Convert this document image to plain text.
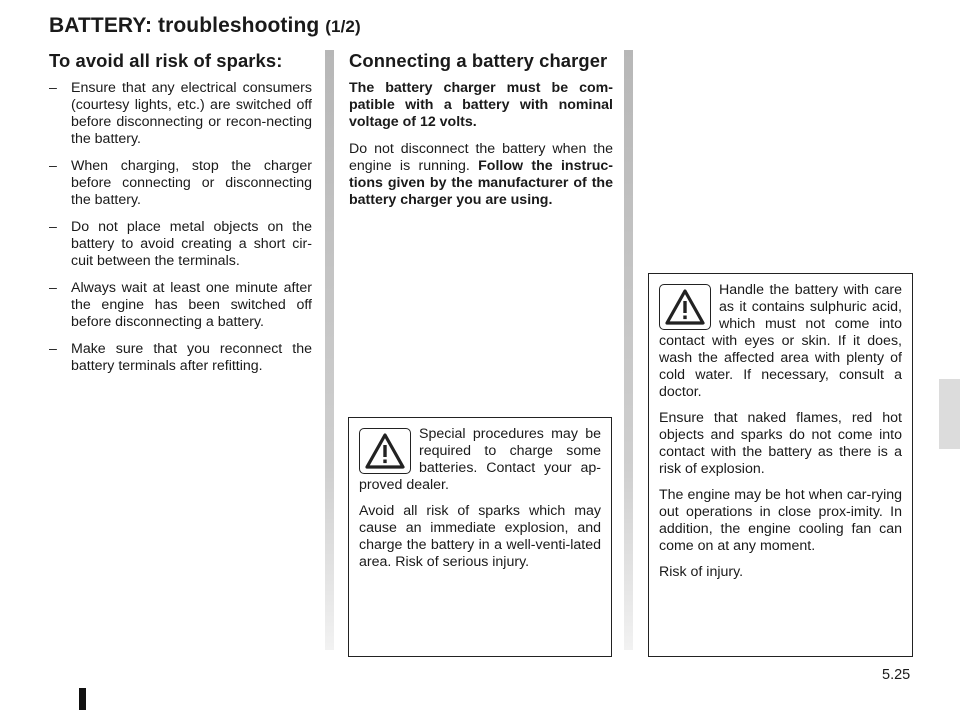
BATTERY: troubleshooting (1/2)
To avoid all risk of sparks:
– Ensure that any electrical consumers (courtesy lights, etc.) are switched off before disconnecting or recon-necting the battery.
– When charging, stop the charger before connecting or disconnecting the battery.
– Do not place metal objects on the battery to avoid creating a short cir-cuit between the terminals.
– Always wait at least one minute after the engine has been switched off before disconnecting a battery.
– Make sure that you reconnect the battery terminals after refitting.
Connecting a battery charger

The battery charger must be com-patible with a battery with nominal voltage of 12 volts.

Do not disconnect the battery when the engine is running. Follow the instruc-tions given by the manufacturer of the battery charger you are using.

Special procedures may be required to charge some batteries. Contact your ap-proved dealer.

Avoid all risk of sparks which may cause an immediate explosion, and charge the battery in a well-venti-lated area. Risk of serious injury.

Handle the battery with care as it contains sulphuric acid, which must not come into contact with eyes or skin. If it does, wash the affected area with plenty of cold water. If necessary, consult a doctor.

Ensure that naked flames, red hot objects and sparks do not come into contact with the battery as there is a risk of explosion.

The engine may be hot when car-rying out operations in close prox-imity. In addition, the engine cooling fan can come on at any moment.

Risk of injury.

5.25
